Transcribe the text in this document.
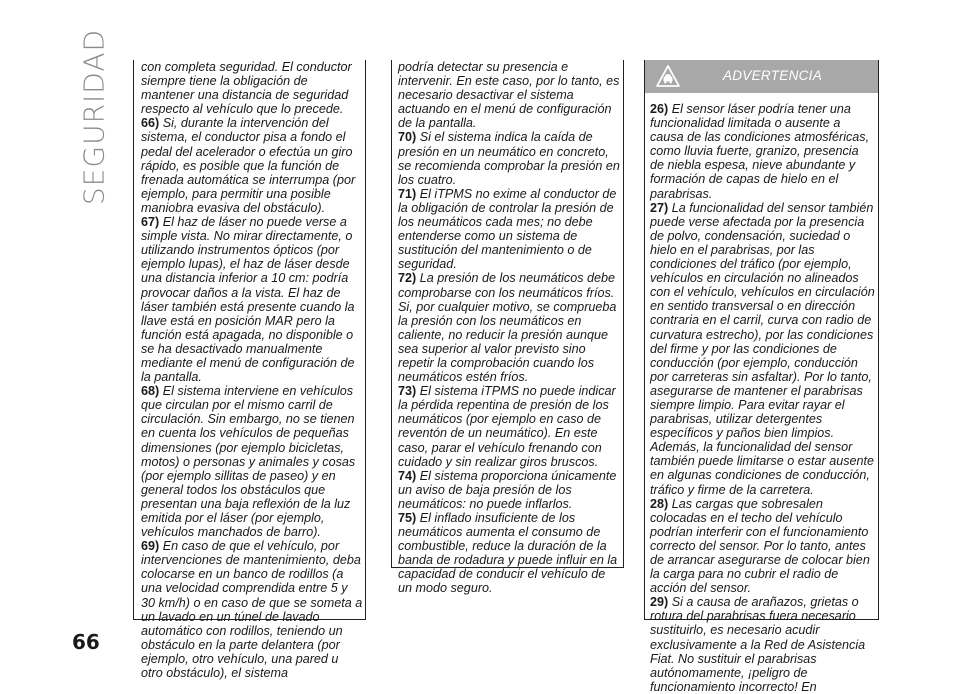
SEGURIDAD
66

con completa seguridad. El conductor siempre tiene la obligación de mantener una distancia de seguridad respecto al vehículo que lo precede.

66) Si, durante la intervención del sistema, el conductor pisa a fondo el pedal del acelerador o efectúa un giro rápido, es posible que la función de frenada automática se interrumpa (por ejemplo, para permitir una posible maniobra evasiva del obstáculo).

67) El haz de láser no puede verse a simple vista. No mirar directamente, o utilizando instrumentos ópticos (por ejemplo lupas), el haz de láser desde una distancia inferior a 10 cm: podría provocar daños a la vista. El haz de láser también está presente cuando la llave está en posición MAR pero la función está apagada, no disponible o se ha desactivado manualmente mediante el menú de configuración de la pantalla.

68) El sistema interviene en vehículos que circulan por el mismo carril de circulación. Sin embargo, no se tienen en cuenta los vehículos de pequeñas dimensiones (por ejemplo bicicletas, motos) o personas y animales y cosas (por ejemplo sillitas de paseo) y en general todos los obstáculos que presentan una baja reflexión de la luz emitida por el láser (por ejemplo, vehículos manchados de barro).

69) En caso de que el vehículo, por intervenciones de mantenimiento, deba colocarse en un banco de rodillos (a una velocidad comprendida entre 5 y 30 km/h) o en caso de que se someta a un lavado en un túnel de lavado automático con rodillos, teniendo un obstáculo en la parte delantera (por ejemplo, otro vehículo, una pared u otro obstáculo), el sistema

podría detectar su presencia e intervenir. En este caso, por lo tanto, es necesario desactivar el sistema actuando en el menú de configuración de la pantalla.

70) Si el sistema indica la caída de presión en un neumático en concreto, se recomienda comprobar la presión en los cuatro.

71) El iTPMS no exime al conductor de la obligación de controlar la presión de los neumáticos cada mes; no debe entenderse como un sistema de sustitución del mantenimiento o de seguridad.

72) La presión de los neumáticos debe comprobarse con los neumáticos fríos. Si, por cualquier motivo, se comprueba la presión con los neumáticos en caliente, no reducir la presión aunque sea superior al valor previsto sino repetir la comprobación cuando los neumáticos estén fríos.

73) El sistema iTPMS no puede indicar la pérdida repentina de presión de los neumáticos (por ejemplo en caso de reventón de un neumático). En este caso, parar el vehículo frenando con cuidado y sin realizar giros bruscos.

74) El sistema proporciona únicamente un aviso de baja presión de los neumáticos: no puede inflarlos.

75) El inflado insuficiente de los neumáticos aumenta el consumo de combustible, reduce la duración de la banda de rodadura y puede influir en la capacidad de conducir el vehículo de un modo seguro.

ADVERTENCIA

26) El sensor láser podría tener una funcionalidad limitada o ausente a causa de las condiciones atmosféricas, como lluvia fuerte, granizo, presencia de niebla espesa, nieve abundante y formación de capas de hielo en el parabrisas.

27) La funcionalidad del sensor también puede verse afectada por la presencia de polvo, condensación, suciedad o hielo en el parabrisas, por las condiciones del tráfico (por ejemplo, vehículos en circulación no alineados con el vehículo, vehículos en circulación en sentido transversal o en dirección contraria en el carril, curva con radio de curvatura estrecho), por las condiciones del firme y por las condiciones de conducción (por ejemplo, conducción por carreteras sin asfaltar). Por lo tanto, asegurarse de mantener el parabrisas siempre limpio. Para evitar rayar el parabrisas, utilizar detergentes específicos y paños bien limpios. Además, la funcionalidad del sensor también puede limitarse o estar ausente en algunas condiciones de conducción, tráfico y firme de la carretera.

28) Las cargas que sobresalen colocadas en el techo del vehículo podrían interferir con el funcionamiento correcto del sensor. Por lo tanto, antes de arrancar asegurarse de colocar bien la carga para no cubrir el radio de acción del sensor.

29) Si a causa de arañazos, grietas o rotura del parabrisas fuera necesario sustituirlo, es necesario acudir exclusivamente a la Red de Asistencia Fiat. No sustituir el parabrisas autónomamente, ¡peligro de funcionamiento incorrecto! En
